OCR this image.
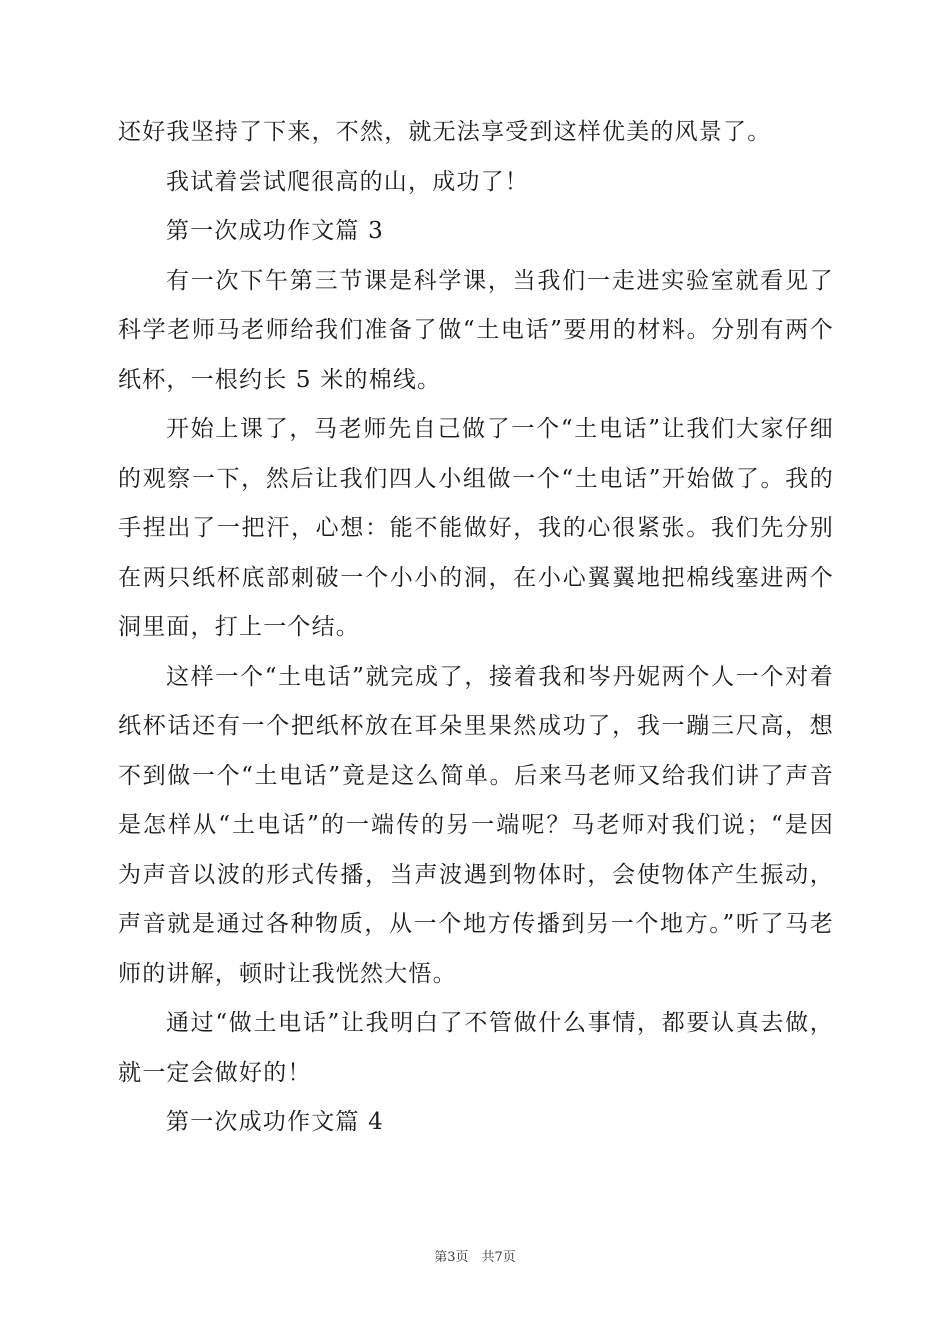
还好我坚持了下来，不然，就无法享受到这样优美的风景了。

我试着尝试爬很高的山，成功了！

第一次成功作文篇 3

有一次下午第三节课是科学课，当我们一走进实验室就看见了科学老师马老师给我们准备了做“土电话”要用的材料。分别有两个纸杯，一根约长 5 米的棉线。

开始上课了，马老师先自己做了一个“土电话”让我们大家仔细的观察一下，然后让我们四人小组做一个“土电话”开始做了。我的手捏出了一把汗，心想：能不能做好，我的心很紧张。我们先分别在两只纸杯底部刺破一个小小的洞，在小心翼翼地把棉线塞进两个洞里面，打上一个结。

这样一个“土电话”就完成了，接着我和岑丹妮两个人一个对着纸杯话还有一个把纸杯放在耳朵里果然成功了，我一蹦三尺高，想不到做一个“土电话”竟是这么简单。后来马老师又给我们讲了声音是怎样从“土电话”的一端传的另一端呢？马老师对我们说；“是因为声音以波的形式传播，当声波遇到物体时，会使物体产生振动，声音就是通过各种物质，从一个地方传播到另一个地方。”听了马老师的讲解，顿时让我恍然大悟。

通过“做土电话”让我明白了不管做什么事情，都要认真去做，就一定会做好的！

第一次成功作文篇 4

第3页　共7页
